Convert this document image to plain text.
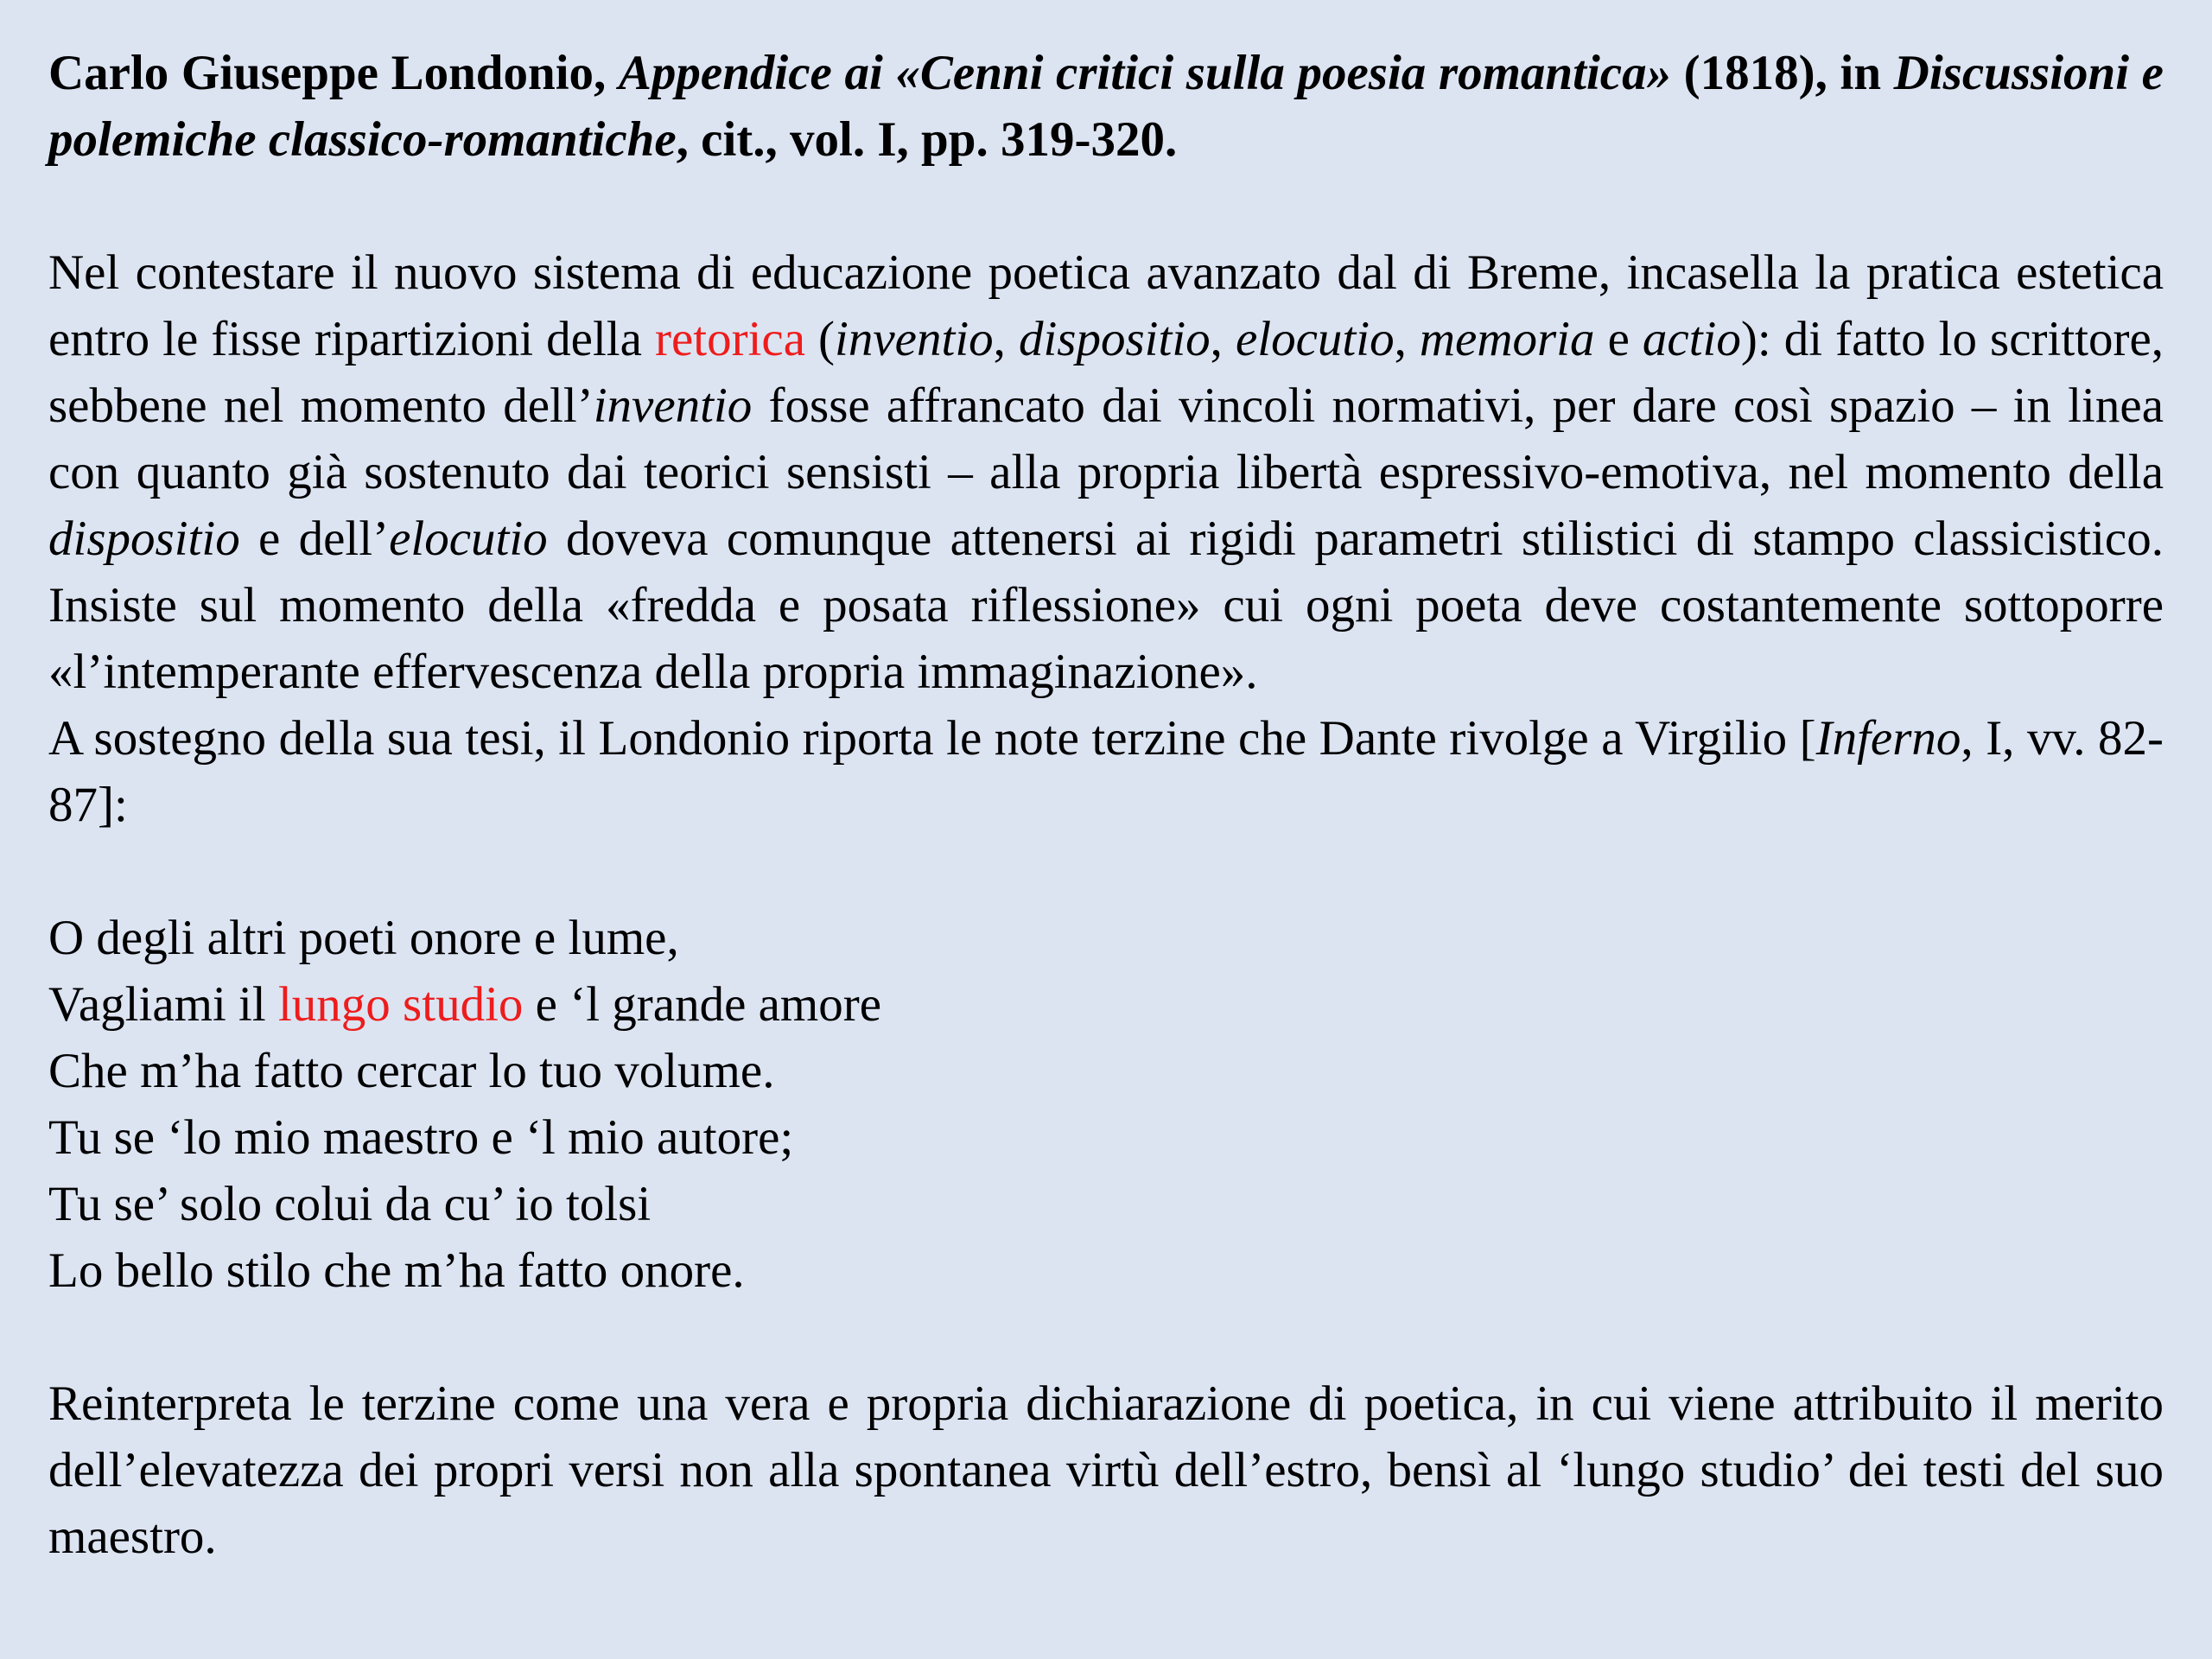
Carlo Giuseppe Londonio, Appendice ai «Cenni critici sulla poesia romantica» (1818), in Discussioni e polemiche classico-romantiche, cit., vol. I, pp. 319-320.

Nel contestare il nuovo sistema di educazione poetica avanzato dal di Breme, incasella la pratica estetica entro le fisse ripartizioni della retorica (inventio, dispositio, elocutio, memoria e actio): di fatto lo scrittore, sebbene nel momento dell’inventio fosse affrancato dai vincoli normativi, per dare così spazio – in linea con quanto già sostenuto dai teorici sensisti – alla propria libertà espressivo-emotiva, nel momento della dispositio e dell’elocutio doveva comunque attenersi ai rigidi parametri stilistici di stampo classicistico. Insiste sul momento della «fredda e posata riflessione» cui ogni poeta deve costantemente sottoporre «l’intemperante effervescenza della propria immaginazione».

A sostegno della sua tesi, il Londonio riporta le note terzine che Dante rivolge a Virgilio [Inferno, I, vv. 82-87]:

O degli altri poeti onore e lume,

Vagliami il lungo studio e ‘l grande amore

Che m’ha fatto cercar lo tuo volume.

Tu se ‘lo mio maestro e ‘l mio autore;

Tu se’ solo colui da cu’ io tolsi

Lo bello stilo che m’ha fatto onore.

Reinterpreta le terzine come una vera e propria dichiarazione di poetica, in cui viene attribuito il merito dell’elevatezza dei propri versi non alla spontanea virtù dell’estro, bensì al ‘lungo studio’ dei testi del suo maestro.
